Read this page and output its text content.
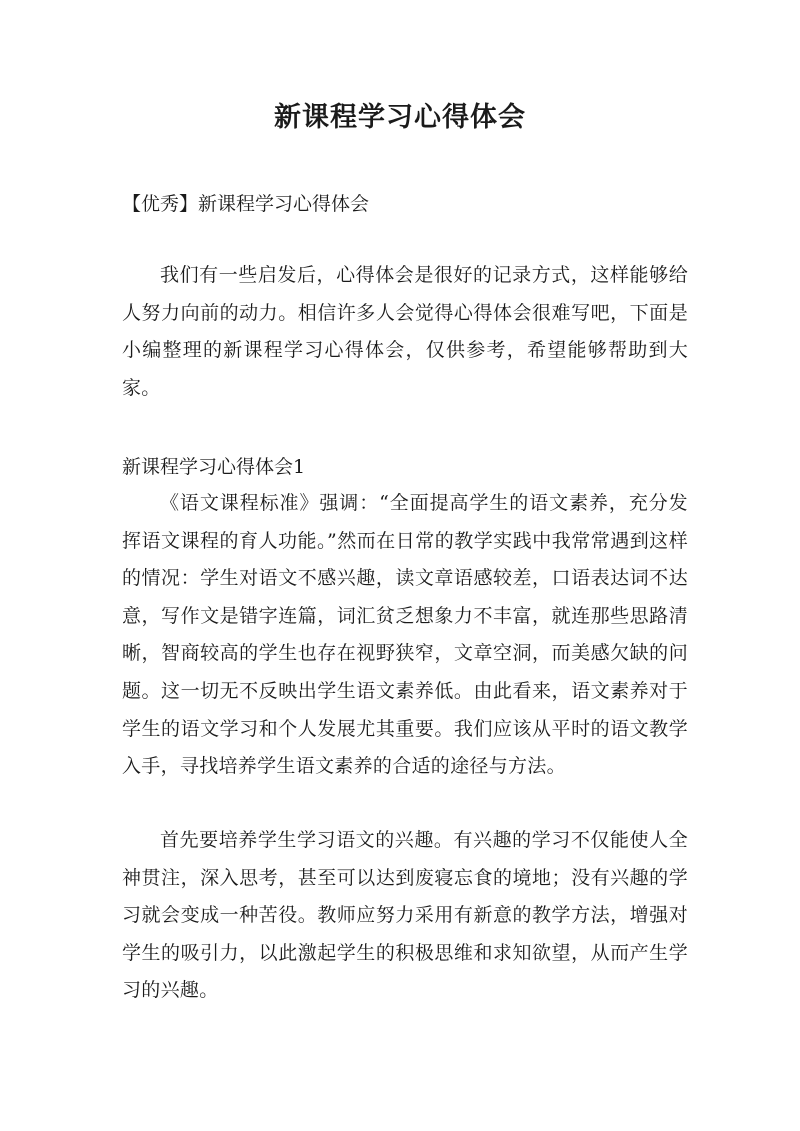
新课程学习心得体会

【优秀】新课程学习心得体会

我们有一些启发后，心得体会是很好的记录方式，这样能够给人努力向前的动力。相信许多人会觉得心得体会很难写吧，下面是小编整理的新课程学习心得体会，仅供参考，希望能够帮助到大家。

新课程学习心得体会1

《语文课程标准》强调：“全面提高学生的语文素养，充分发挥语文课程的育人功能。”然而在日常的教学实践中我常常遇到这样的情况：学生对语文不感兴趣，读文章语感较差，口语表达词不达意，写作文是错字连篇，词汇贫乏想象力不丰富，就连那些思路清晰，智商较高的学生也存在视野狭窄，文章空洞，而美感欠缺的问题。这一切无不反映出学生语文素养低。由此看来，语文素养对于学生的语文学习和个人发展尤其重要。我们应该从平时的语文教学入手，寻找培养学生语文素养的合适的途径与方法。

首先要培养学生学习语文的兴趣。有兴趣的学习不仅能使人全神贯注，深入思考，甚至可以达到废寝忘食的境地；没有兴趣的学习就会变成一种苦役。教师应努力采用有新意的教学方法，增强对学生的吸引力，以此激起学生的积极思维和求知欲望，从而产生学习的兴趣。
